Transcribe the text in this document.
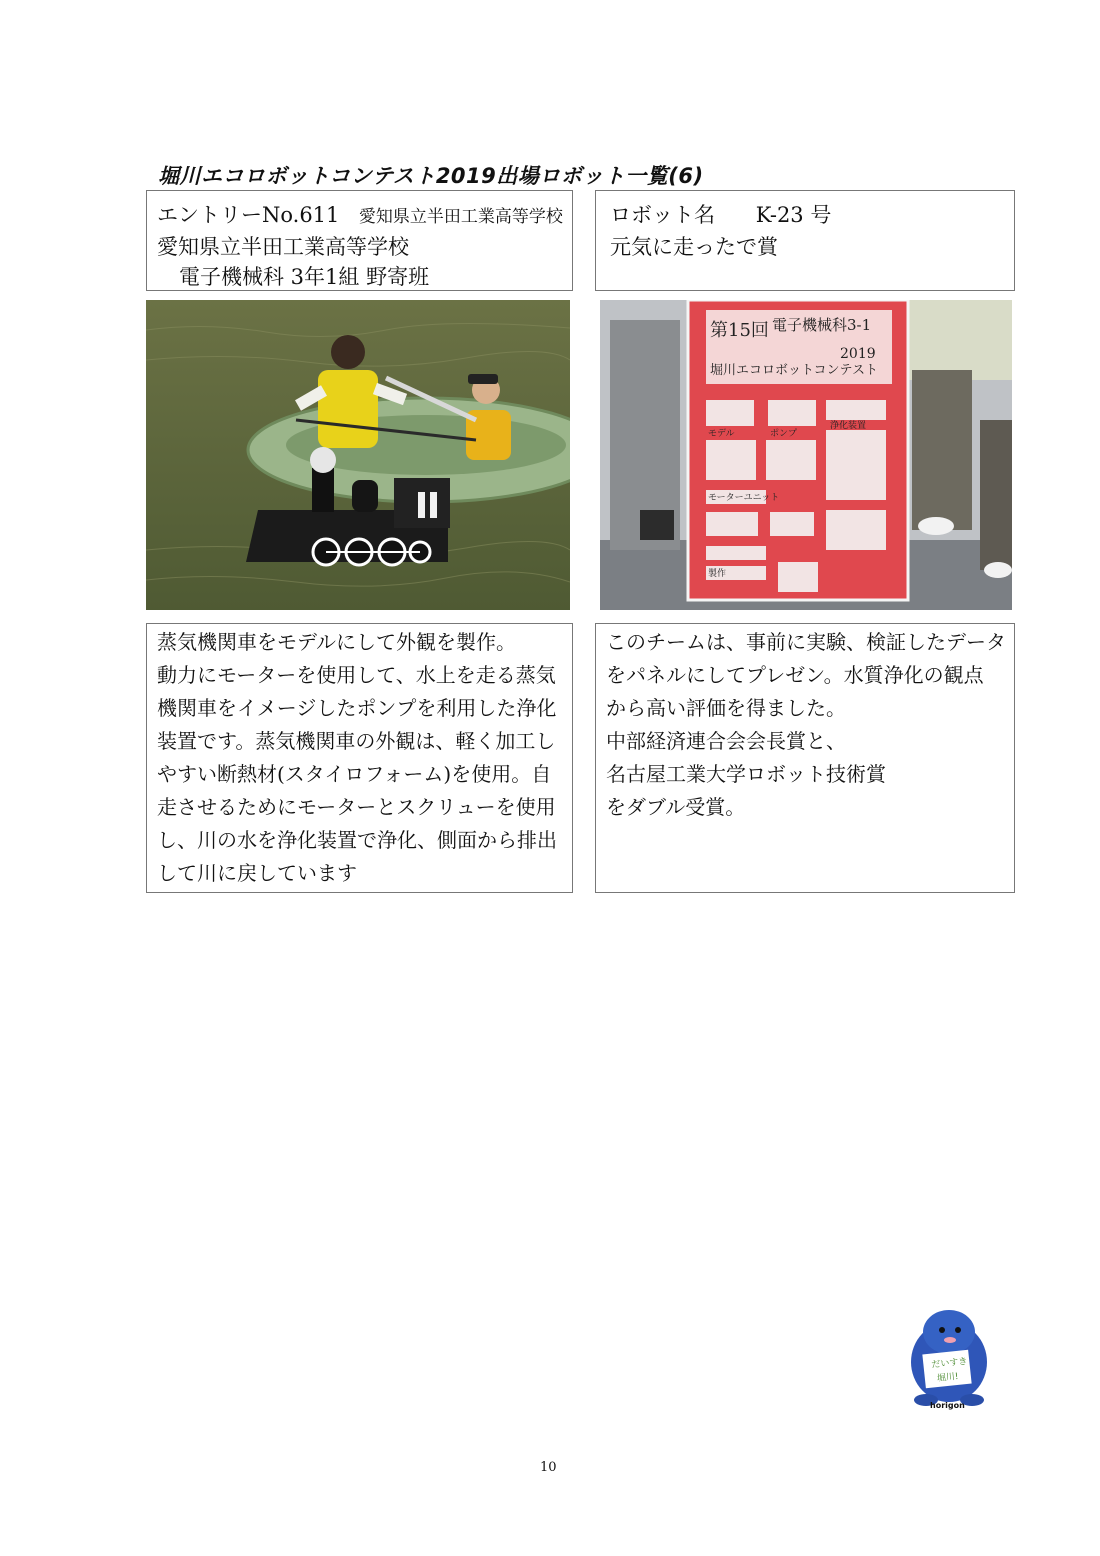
堀川エコロボットコンテスト2019出場ロボット一覧(6)
エントリーNo.611 愛知県立半田工業高等学校
愛知県立半田工業高等学校
電子機械科 3年1組 野寄班
ロボット名 K-23 号
元気に走ったで賞
第15回 電子機械科3-1
2019
堀川エコロボットコンテスト
モデル	ポンプ
浄化装置
モーターユニット
製作
蒸気機関車をモデルにして外観を製作。
動力にモーターを使用して、水上を走る蒸気
機関車をイメージしたポンプを利用した浄化
装置です。蒸気機関車の外観は、軽く加工し
やすい断熱材(スタイロフォーム)を使用。自
走させるためにモーターとスクリューを使用
し、川の水を浄化装置で浄化、側面から排出
して川に戻しています
このチームは、事前に実験、検証したデータ
をパネルにしてプレゼン。水質浄化の観点
から高い評価を得ました。
中部経済連合会会長賞と、
名古屋工業大学ロボット技術賞
をダブル受賞。
だいすき
堀川!
horigon
10
